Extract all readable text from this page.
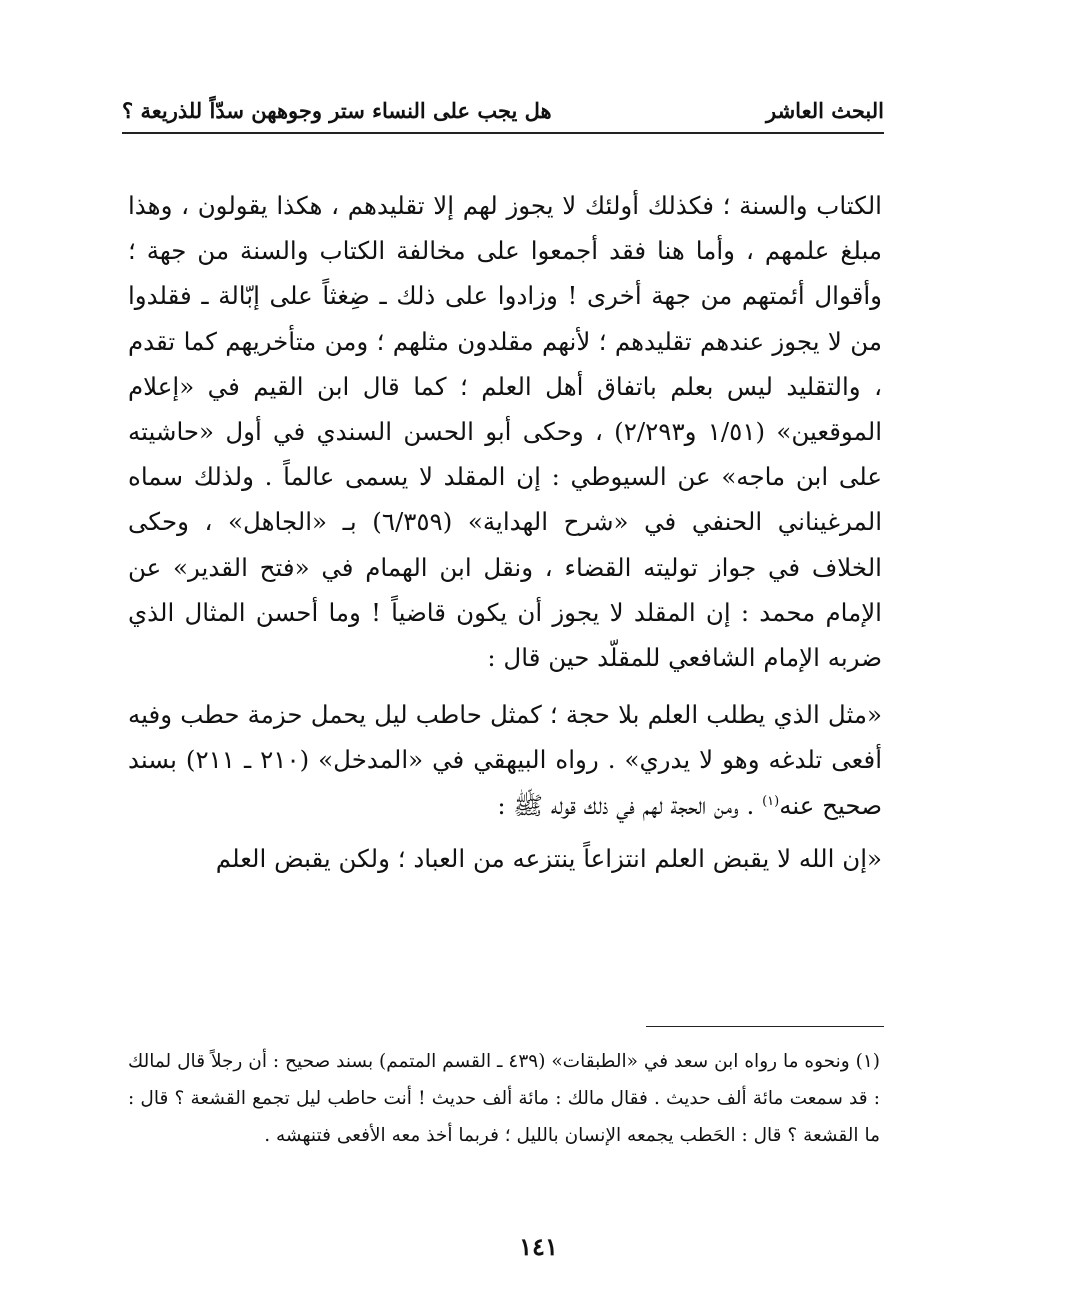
البحث العاشر
هل يجب على النساء ستر وجوههن سدّاً للذريعة ؟

الكتاب والسنة ؛ فكذلك أولئك لا يجوز لهم إلا تقليدهم ، هكذا يقولون ، وهذا مبلغ علمهم ، وأما هنا فقد أجمعوا على مخالفة الكتاب والسنة من جهة ؛ وأقوال أئمتهم من جهة أخرى ! وزادوا على ذلك ـ ضِغثاً على إبّالة ـ فقلدوا من لا يجوز عندهم تقليدهم ؛ لأنهم مقلدون مثلهم ؛ ومن متأخريهم كما تقدم ، والتقليد ليس بعلم باتفاق أهل العلم ؛ كما قال ابن القيم في «إعلام الموقعين» (١/٥١ و٢/٢٩٣) ، وحكى أبو الحسن السندي في أول «حاشيته على ابن ماجه» عن السيوطي : إن المقلد لا يسمى عالماً . ولذلك سماه المرغيناني الحنفي في «شرح الهداية» (٦/٣٥٩) بـ «الجاهل» ، وحكى الخلاف في جواز توليته القضاء ، ونقل ابن الهمام في «فتح القدير» عن الإمام محمد : إن المقلد لا يجوز أن يكون قاضياً ! وما أحسن المثال الذي ضربه الإمام الشافعي للمقلّد حين قال :

«مثل الذي يطلب العلم بلا حجة ؛ كمثل حاطب ليل يحمل حزمة حطب وفيه أفعى تلدغه وهو لا يدري» . رواه البيهقي في «المدخل» (٢١٠ ـ ٢١١) بسند صحيح عنه$^{(١)}$ . ومن الحجة لهم في ذلك قوله ﷺ :

«إن الله لا يقبض العلم انتزاعاً ينتزعه من العباد ؛ ولكن يقبض العلم

(١) ونحوه ما رواه ابن سعد في «الطبقات» (٤٣٩ ـ القسم المتمم) بسند صحيح : أن رجلاً قال لمالك : قد سمعت مائة ألف حديث . فقال مالك : مائة ألف حديث ! أنت حاطب ليل تجمع القشعة ؟ قال : ما القشعة ؟ قال : الحَطب يجمعه الإنسان بالليل ؛ فربما أخذ معه الأفعى فتنهشه .

١٤١
